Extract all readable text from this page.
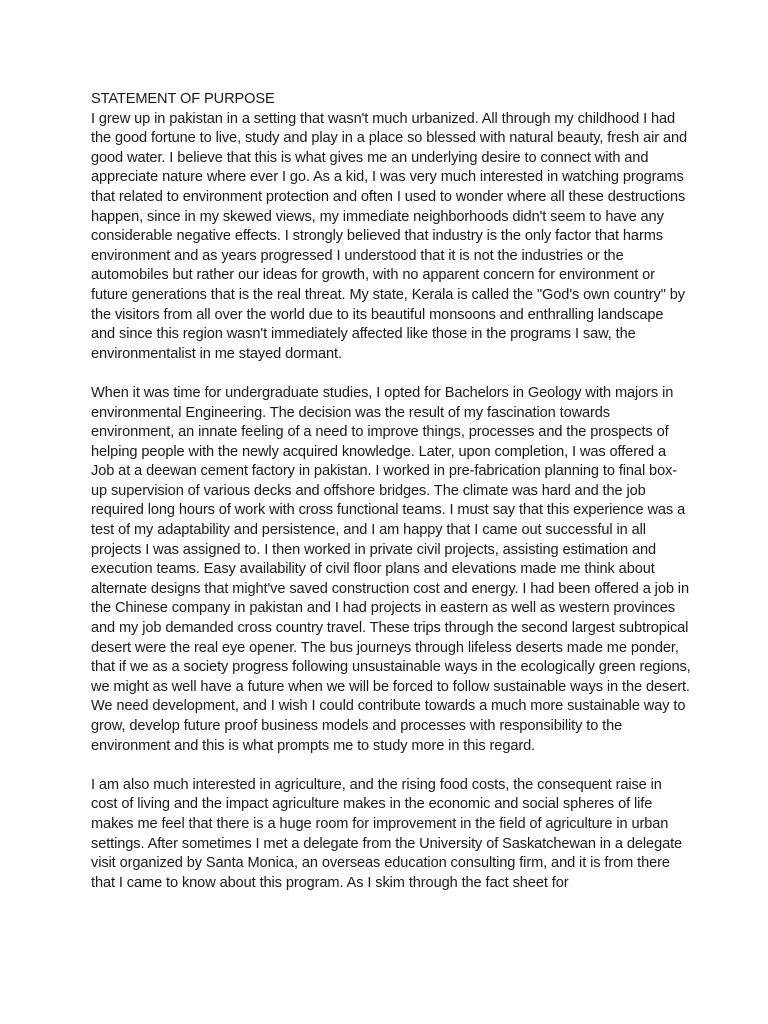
STATEMENT OF PURPOSE

I grew up in pakistan in a setting that wasn't much urbanized. All through my childhood I had the good fortune to live, study and play in a place so blessed with natural beauty, fresh air and good water. I believe that this is what gives me an underlying desire to connect with and appreciate nature where ever I go. As a kid, I was very much interested in watching programs that related to environment protection and often I used to wonder where all these destructions happen, since in my skewed views, my immediate neighborhoods didn't seem to have any considerable negative effects. I strongly believed that industry is the only factor that harms environment and as years progressed I understood that it is not the industries or the automobiles but rather our ideas for growth, with no apparent concern for environment or future generations that is the real threat. My state, Kerala is called the "God's own country" by the visitors from all over the world due to its beautiful monsoons and enthralling landscape and since this region wasn't immediately affected like those in the programs I saw, the environmentalist in me stayed dormant.

When it was time for undergraduate studies, I opted for Bachelors in Geology with majors in environmental Engineering. The decision was the result of my fascination towards environment, an innate feeling of a need to improve things, processes and the prospects of helping people with the newly acquired knowledge. Later, upon completion, I was offered a Job at a deewan cement factory in pakistan. I worked in pre-fabrication planning to final box-up supervision of various decks and offshore bridges. The climate was hard and the job required long hours of work with cross functional teams. I must say that this experience was a test of my adaptability and persistence, and I am happy that I came out successful in all projects I was assigned to. I then worked in private civil projects, assisting estimation and execution teams. Easy availability of civil floor plans and elevations made me think about alternate designs that might've saved construction cost and energy. I had been offered a job in the Chinese company in pakistan and I had projects in eastern as well as western provinces and my job demanded cross country travel. These trips through the second largest subtropical desert were the real eye opener. The bus journeys through lifeless deserts made me ponder, that if we as a society progress following unsustainable ways in the ecologically green regions, we might as well have a future when we will be forced to follow sustainable ways in the desert. We need development, and I wish I could contribute towards a much more sustainable way to grow, develop future proof business models and processes with responsibility to the environment and this is what prompts me to study more in this regard.

I am also much interested in agriculture, and the rising food costs, the consequent raise in cost of living and the impact agriculture makes in the economic and social spheres of life makes me feel that there is a huge room for improvement in the field of agriculture in urban settings. After sometimes I met a delegate from the University of Saskatchewan in a delegate visit organized by Santa Monica, an overseas education consulting firm, and it is from there that I came to know about this program. As I skim through the fact sheet for
